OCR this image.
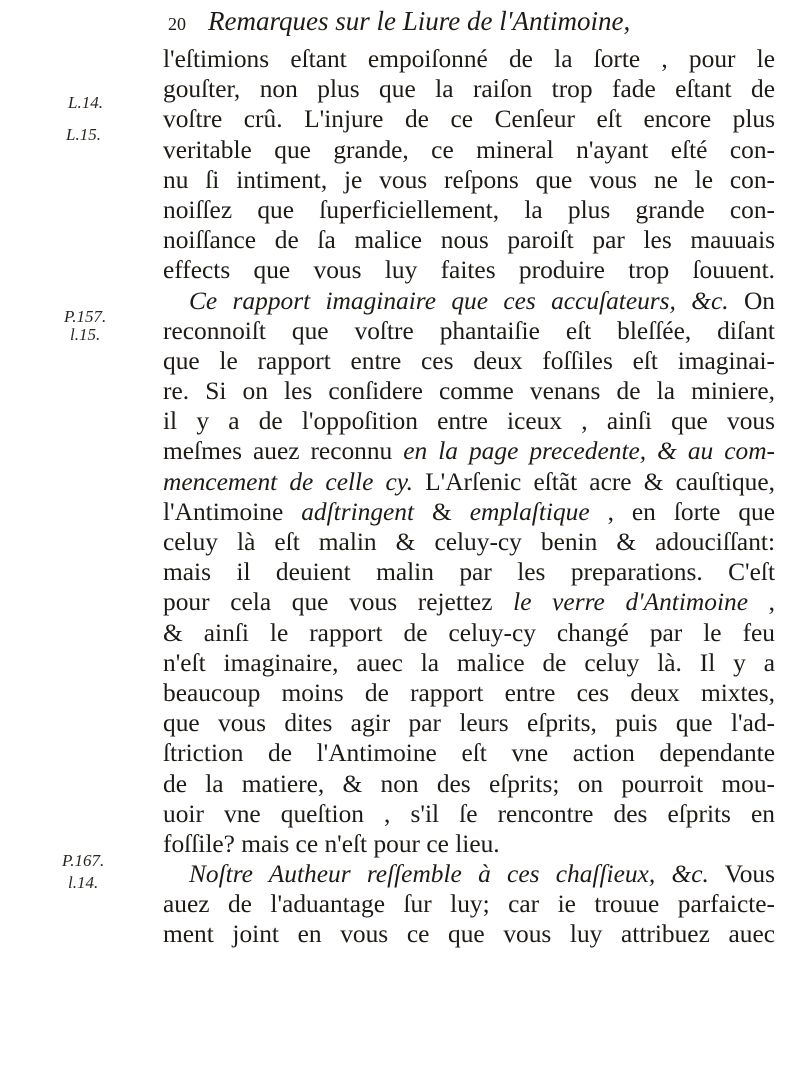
20 Remarques sur le Liure de l'Antimoine,
L.14.
L.15.
P.157.
l.15.
P.167.
l.14.
l'eſtimions eſtant empoiſonné de la ſorte , pour le
gouſter, non plus que la raiſon trop fade eſtant de
voſtre crû. L'injure de ce Cenſeur eſt encore plus
veritable que grande, ce mineral n'ayant eſté con-
nu ſi intiment, je vous reſpons que vous ne le con-
noiſſez que ſuperficiellement, la plus grande con-
noiſſance de ſa malice nous paroiſt par les mauuais
effects que vous luy faites produire trop ſouuent.
Ce rapport imaginaire que ces accuſateurs, &c. On
reconnoiſt que voſtre phantaiſie eſt bleſſée, diſant
que le rapport entre ces deux foſſiles eſt imaginai-
re. Si on les conſidere comme venans de la miniere,
il y a de l'oppoſition entre iceux , ainſi que vous
meſmes auez reconnu en la page precedente, & au com-
mencement de celle cy. L'Arſenic eſtãt acre & cauſtique,
l'Antimoine adſtringent & emplaſtique , en ſorte que
celuy là eſt malin & celuy-cy benin & adouciſſant:
mais il deuient malin par les preparations. C'eſt
pour cela que vous rejettez le verre d'Antimoine ,
& ainſi le rapport de celuy-cy changé par le feu
n'eſt imaginaire, auec la malice de celuy là. Il y a
beaucoup moins de rapport entre ces deux mixtes,
que vous dites agir par leurs eſprits, puis que l'ad-
ſtriction de l'Antimoine eſt vne action dependante
de la matiere, & non des eſprits; on pourroit mou-
uoir vne queſtion , s'il ſe rencontre des eſprits en
foſſile? mais ce n'eſt pour ce lieu.
Noſtre Autheur reſſemble à ces chaſſieux, &c. Vous
auez de l'aduantage ſur luy; car ie trouue parfaicte-
ment joint en vous ce que vous luy attribuez auec
